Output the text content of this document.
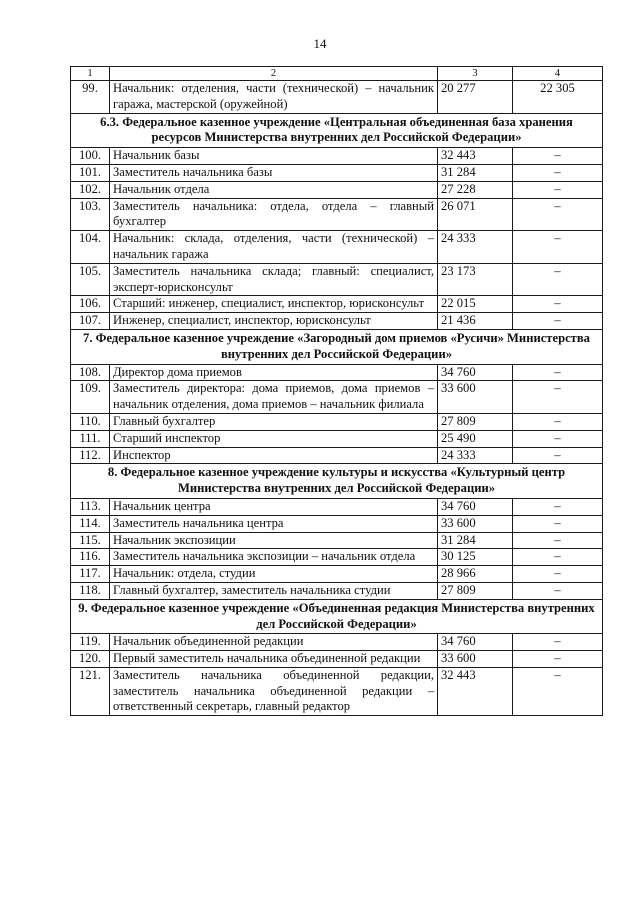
14
1	2	3	4
99.	Начальник: отделения, части (технической) – начальник гаража, мастерской (оружейной)	20 277	22 305
6.3. Федеральное казенное учреждение «Центральная объединенная база хранения ресурсов Министерства внутренних дел Российской Федерации»			
100.	Начальник базы	32 443	–
101.	Заместитель начальника базы	31 284	–
102.	Начальник отдела	27 228	–
103.	Заместитель начальника: отдела, отдела – главный бухгалтер	26 071	–
104.	Начальник: склада, отделения, части (технической) – начальник гаража	24 333	–
105.	Заместитель начальника склада; главный: специалист, эксперт-юрисконсульт	23 173	–
106.	Старший: инженер, специалист, инспектор, юрисконсульт	22 015	–
107.	Инженер, специалист, инспектор, юрисконсульт	21 436	–
7. Федеральное казенное учреждение «Загородный дом приемов «Русичи» Министерства внутренних дел Российской Федерации»			
108.	Директор дома приемов	34 760	–
109.	Заместитель директора: дома приемов, дома приемов – начальник отделения, дома приемов – начальник филиала	33 600	–
110.	Главный бухгалтер	27 809	–
111.	Старший инспектор	25 490	–
112.	Инспектор	24 333	–
8. Федеральное казенное учреждение культуры и искусства «Культурный центр Министерства внутренних дел Российской Федерации»			
113.	Начальник центра	34 760	–
114.	Заместитель начальника центра	33 600	–
115.	Начальник экспозиции	31 284	–
116.	Заместитель начальника экспозиции – начальник отдела	30 125	–
117.	Начальник: отдела, студии	28 966	–
118.	Главный бухгалтер, заместитель начальника студии	27 809	–
9. Федеральное казенное учреждение «Объединенная редакция Министерства внутренних дел Российской Федерации»			
119.	Начальник объединенной редакции	34 760	–
120.	Первый заместитель начальника объединенной редакции	33 600	–
121.	Заместитель начальника объединенной редакции, заместитель начальника объединенной редакции – ответственный секретарь, главный редактор	32 443	–
